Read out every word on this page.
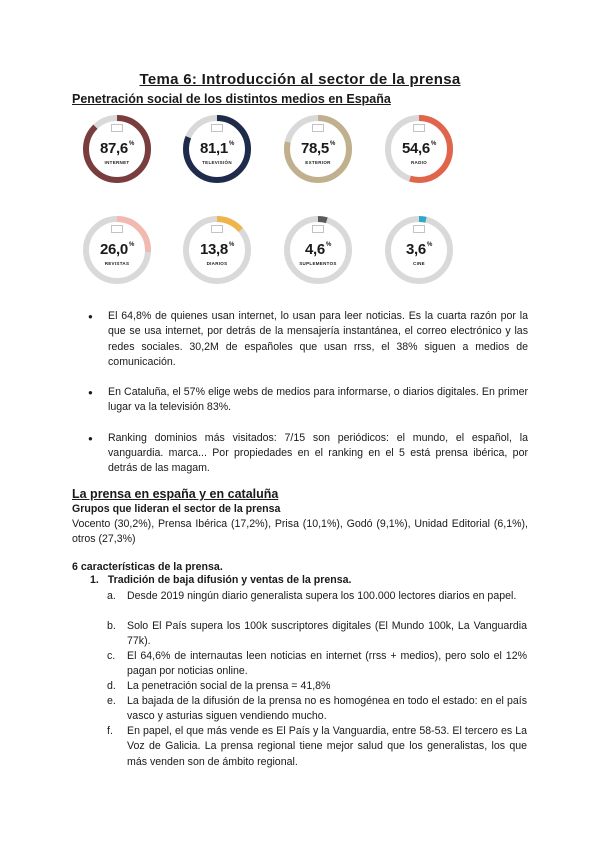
Tema 6: Introducción al sector de la prensa
Penetración social de los distintos medios en España
87,6%
INTERNET
81,1%
TELEVISIÓN
78,5%
EXTERIOR
54,6%
RADIO
26,0%
REVISTAS
13,8%
DIARIOS
4,6%
SUPLEMENTOS
3,6%
CINE
● El 64,8% de quienes usan internet, lo usan para leer noticias. Es la cuarta razón por la que se usa internet, por detrás de la mensajería instantánea, el correo electrónico y las redes sociales. 30,2M de españoles que usan rrss, el 38% siguen a medios de comunicación.
● En Cataluña, el 57% elige webs de medios para informarse, o diarios digitales. En primer lugar va la televisión 83%.
● Ranking dominios más visitados: 7/15 son periódicos: el mundo, el español, la vanguardia. marca... Por propiedades en el ranking en el 5 está prensa ibérica, por detrás de las magam.
La prensa en españa y en cataluña
Grupos que lideran el sector de la prensa
Vocento (30,2%), Prensa Ibérica (17,2%), Prisa (10,1%), Godó (9,1%), Unidad Editorial (6,1%), otros (27,3%)
6 características de la prensa.
1. Tradición de baja difusión y ventas de la prensa.
a. Desde 2019 ningún diario generalista supera los 100.000 lectores diarios en papel.
b. Solo El País supera los 100k suscriptores digitales (El Mundo 100k, La Vanguardia 77k).
c. El 64,6% de internautas leen noticias en internet (rrss + medios), pero solo el 12% pagan por noticias online.
d. La penetración social de la prensa = 41,8%
e. La bajada de la difusión de la prensa no es homogénea en todo el estado: en el país vasco y asturias siguen vendiendo mucho.
f. En papel, el que más vende es El País y la Vanguardia, entre 58-53. El tercero es La Voz de Galicia. La prensa regional tiene mejor salud que los generalistas, los que más venden son de ámbito regional.
